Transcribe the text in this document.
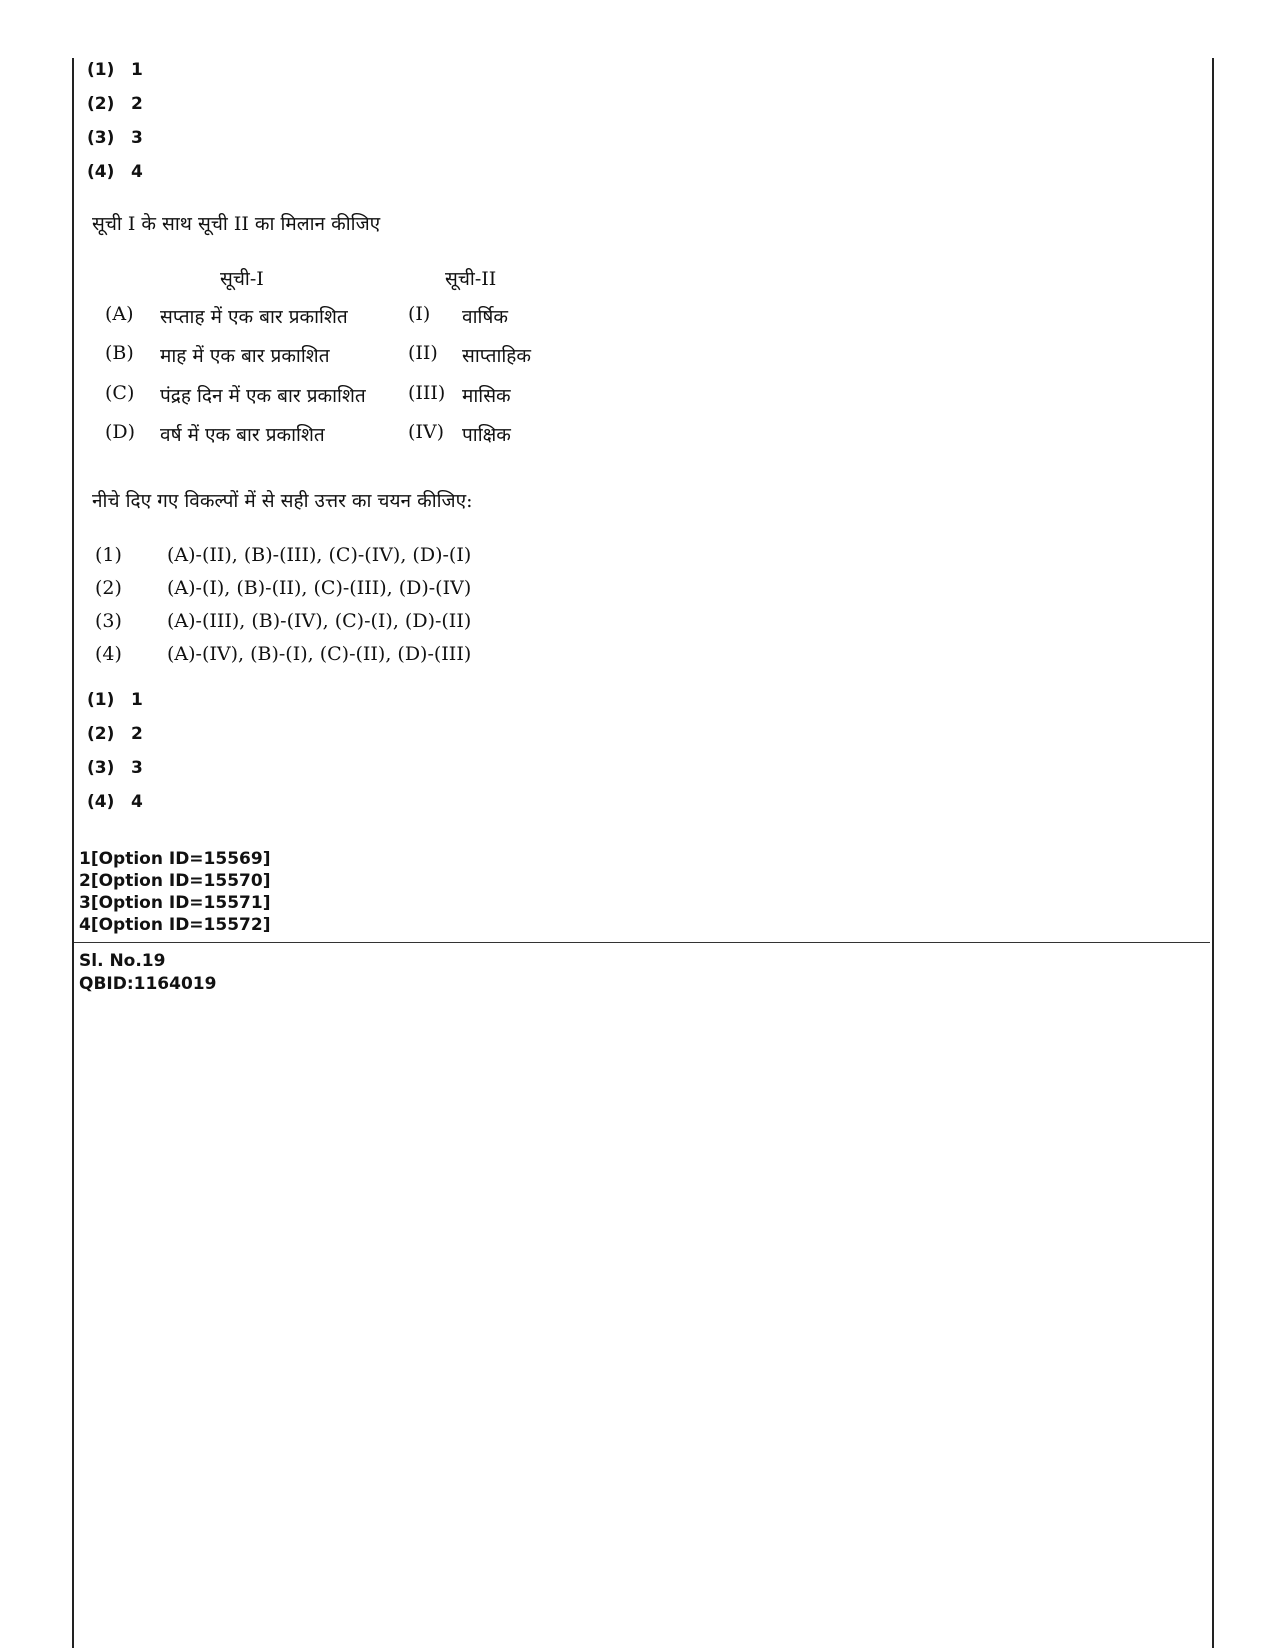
(1) 1
(2) 2
(3) 3
(4) 4
सूची I के साथ सूची II का मिलान कीजिए
सूची-I	सूची-II
(A) सप्ताह में एक बार प्रकाशित	(I) वार्षिक
(B) माह में एक बार प्रकाशित	(II) साप्ताहिक
(C) पंद्रह दिन में एक बार प्रकाशित (III) मासिक
(D) वर्ष में एक बार प्रकाशित	(IV) पाक्षिक
नीचे दिए गए विकल्पों में से सही उत्तर का चयन कीजिए:
(1) (A)-(II), (B)-(III), (C)-(IV), (D)-(I)
(2) (A)-(I), (B)-(II), (C)-(III), (D)-(IV)
(3) (A)-(III), (B)-(IV), (C)-(I), (D)-(II)
(4) (A)-(IV), (B)-(I), (C)-(II), (D)-(III)
(1) 1
(2) 2
(3) 3
(4) 4
1[Option ID=15569]
2[Option ID=15570]
3[Option ID=15571]
4[Option ID=15572]
Sl. No.19
QBID:1164019
